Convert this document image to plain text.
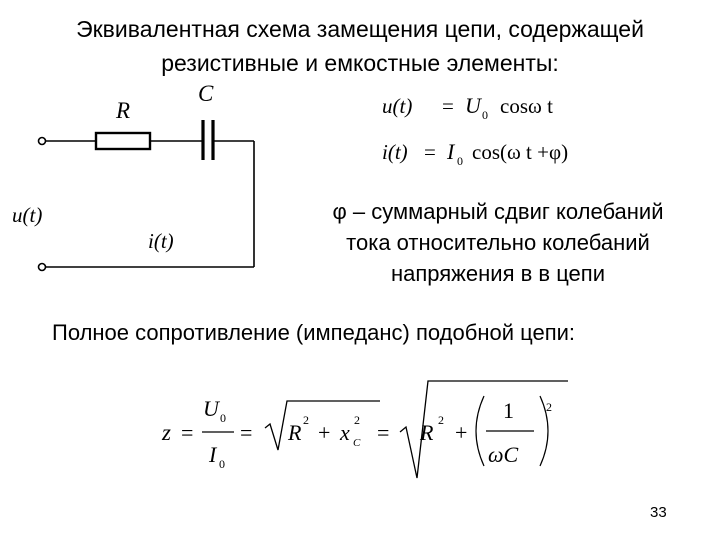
Эквивалентная схема замещения цепи, содержащей
резистивные и емкостные элементы:
R
C
u(t)
i(t)
u(t) = U 0 cosω t
i(t) = I 0 cos(ω t +φ)
z =
U 0
I 0
= R 2 + x 2
C = R 2 +
1
ωC
2
φ – суммарный сдвиг колебаний
тока относительно колебаний
напряжения в в цепи
Полное сопротивление (импеданс) подобной цепи:
33
